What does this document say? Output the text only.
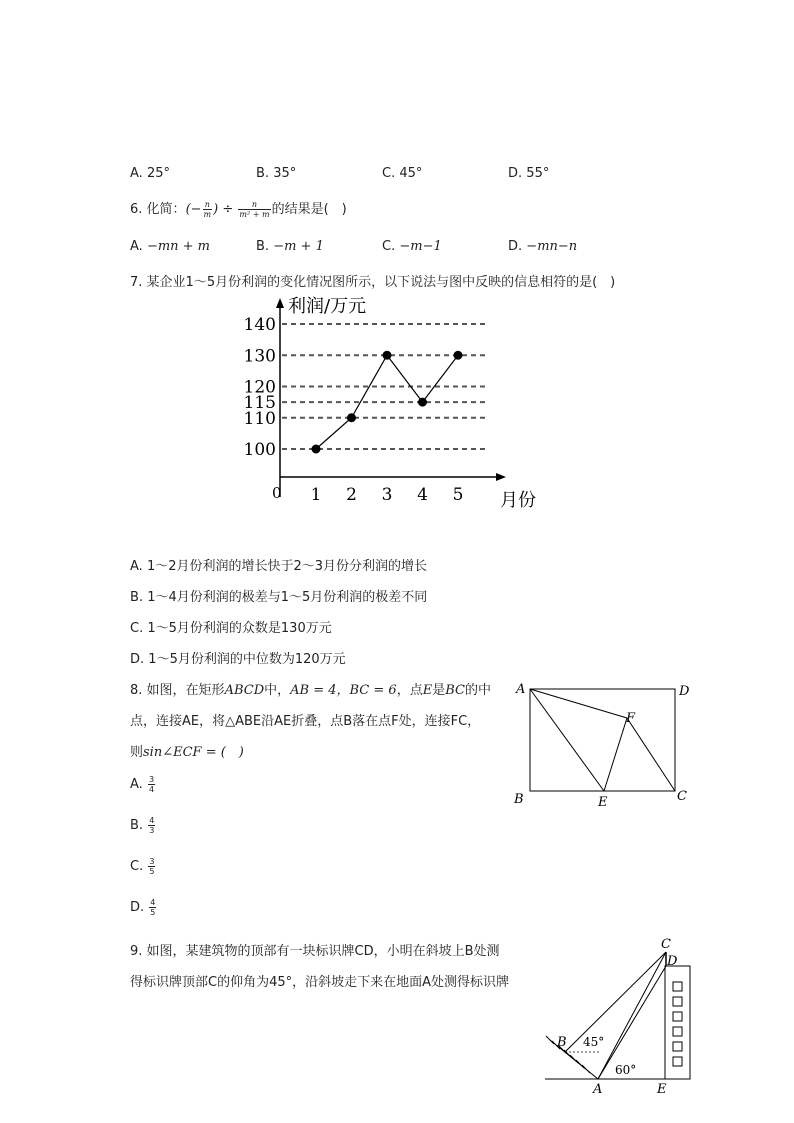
A. 25°	B. 35°	C. 45°	D. 55°
6. 化简：(− $\frac{n}{m}$ ) ÷ $\frac{n}{\text{m² + m}}$ 的结果是(　)
A. −mn + m	B. −m + 1	C. −m−1	D. −mn−n
7. 某企业1～5月份利润的变化情况图所示，以下说法与图中反映的信息相符的是(　)
利润/万元
月份
0
100
110
115
120
130
140
1 2 3 4 5
A. 1～2月份利润的增长快于2～3月份分利润的增长
B. 1～4月份利润的极差与1～5月份利润的极差不同
C. 1～5月份利润的众数是130万元
D. 1～5月份利润的中位数为120万元
8. 如图，在矩形ABCD中，AB = 4，BC = 6，点E是BC的中
点，连接AE，将△ABE沿AE折叠，点B落在点F处，连接FC，
则sin∠ECF = (　)
A. $\frac{3}{4}$
B. $\frac{4}{3}$
C. $\frac{3}{5}$
D. $\frac{4}{5}$
A	D
B	E	C
F
9. 如图，某建筑物的顶部有一块标识牌CD，小明在斜坡上B处测
得标识牌顶部C的仰角为45°，沿斜坡走下来在地面A处测得标识牌
C
D
B
A	E
45°
60°
